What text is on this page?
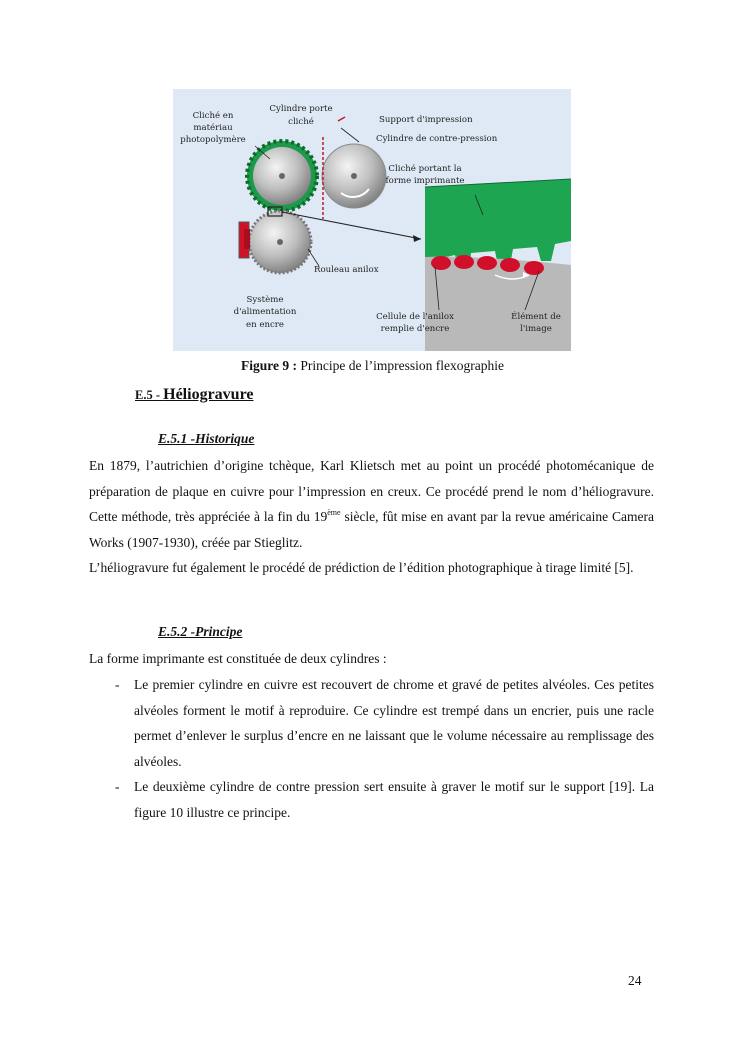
Cliché en
matériau
photopolymère
Cylindre porte
cliché
Cliché portant la
forme imprimante
Système
d'alimentation
en encre
Cellule de l'anilox
remplie d'encre
Élément de
l'image
Support d'impression
Cylindre de contre-pression
Rouleau anilox
Figure 9 : Principe de l’impression flexographie
E.5 - Héliogravure
E.5.1 -Historique
En 1879, l’autrichien d’origine tchèque, Karl Klietsch met au point un procédé photomécanique de préparation de plaque en cuivre pour l’impression en creux. Ce procédé prend le nom d’héliogravure. Cette méthode, très appréciée à la fin du 19ème siècle, fût mise en avant par la revue américaine Camera Works (1907-1930), créée par Stieglitz.
L’héliogravure fut également le procédé de prédiction de l’édition photographique à tirage limité [5].
E.5.2 -Principe
La forme imprimante est constituée de deux cylindres :
- Le premier cylindre en cuivre est recouvert de chrome et gravé de petites alvéoles. Ces petites alvéoles forment le motif à reproduire. Ce cylindre est trempé dans un encrier, puis une racle permet d’enlever le surplus d’encre en ne laissant que le volume nécessaire au remplissage des alvéoles.
- Le deuxième cylindre de contre pression sert ensuite à graver le motif sur le support [19]. La figure 10 illustre ce principe.
24
